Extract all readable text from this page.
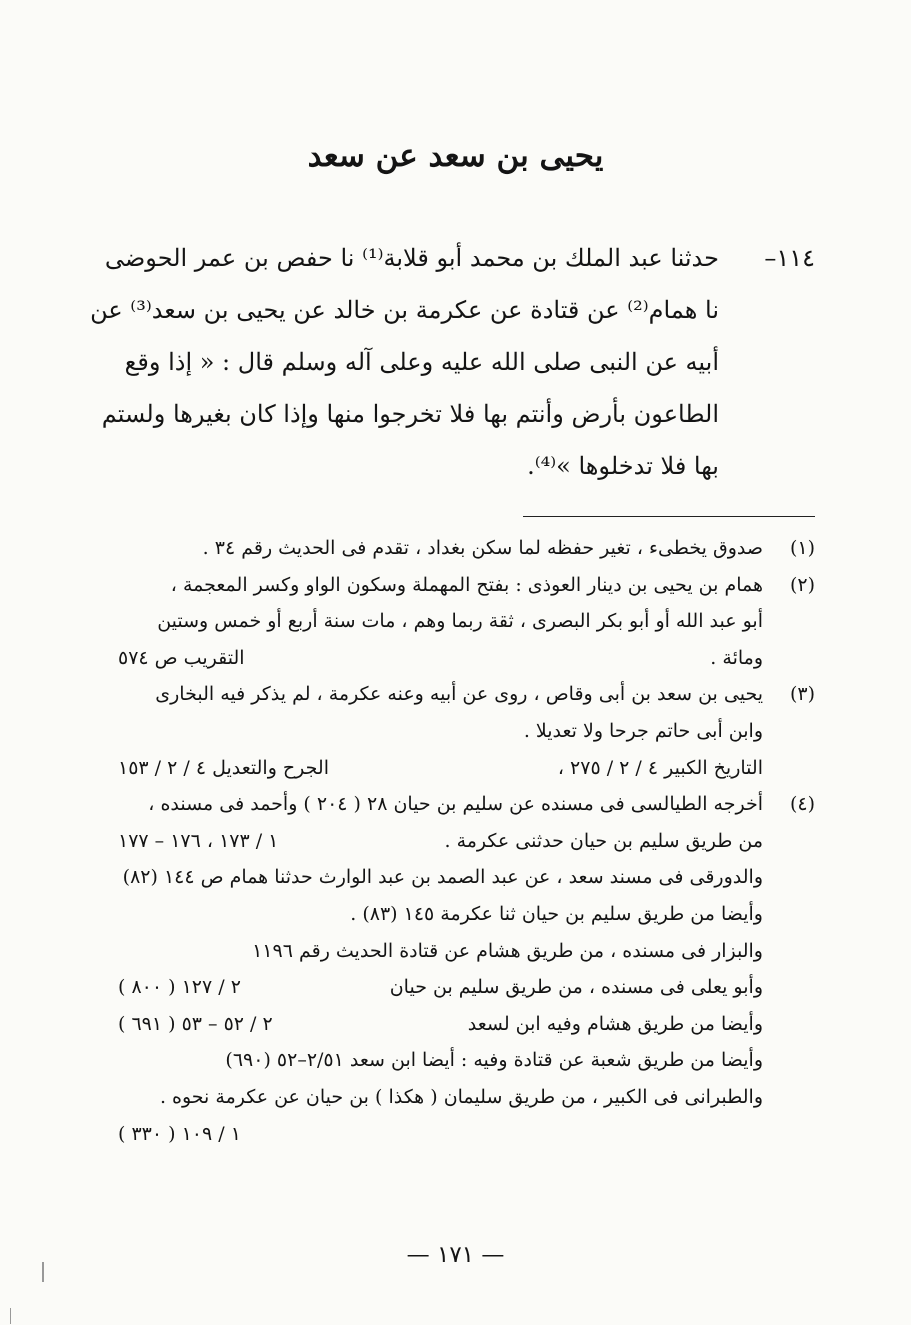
يحيى بن سعد عن سعد
١١٤–
حدثنا عبد الملك بن محمد أبو قلابة⁽¹⁾ نا حفص بن عمر الحوضى
نا همام⁽²⁾ عن قتادة عن عكرمة بن خالد عن يحيى بن سعد⁽³⁾ عن
أبيه عن النبى صلى الله عليه وعلى آله وسلم قال : « إذا وقع
الطاعون بأرض وأنتم بها فلا تخرجوا منها وإذا كان بغيرها ولستم
بها فلا تدخلوها »⁽⁴⁾.
(١)
صدوق يخطىء ، تغير حفظه لما سكن بغداد ، تقدم فى الحديث رقم ٣٤ .
(٢)
همام بن يحيى بن دينار العوذى : بفتح المهملة وسكون الواو وكسر المعجمة ،
أبو عبد الله أو أبو بكر البصرى ، ثقة ربما وهم ، مات سنة أربع أو خمس وستين
ومائة .
التقريب ص ٥٧٤
(٣)
يحيى بن سعد بن أبى وقاص ، روى عن أبيه وعنه عكرمة ، لم يذكر فيه البخارى
وابن أبى حاتم جرحا ولا تعديلا .
التاريخ الكبير ٤ / ٢ / ٢٧٥ ،
الجرح والتعديل ٤ / ٢ / ١٥٣
(٤)
أخرجه الطيالسى فى مسنده عن سليم بن حيان ٢٨ ( ٢٠٤ ) وأحمد فى مسنده ،
من طريق سليم بن حيان حدثنى عكرمة .
١ / ١٧٣ ، ١٧٦ – ١٧٧
والدورقى فى مسند سعد ، عن عبد الصمد بن عبد الوارث حدثنا همام ص ١٤٤ (٨٢)
وأيضا من طريق سليم بن حيان ثنا عكرمة ١٤٥ (٨٣) .
والبزار فى مسنده ، من طريق هشام عن قتادة الحديث رقم ١١٩٦
وأبو يعلى فى مسنده ، من طريق سليم بن حيان
٢ / ١٢٧ ( ٨٠٠ )
وأيضا من طريق هشام وفيه ابن لسعد
٢ / ٥٢ – ٥٣ ( ٦٩١ )
وأيضا من طريق شعبة عن قتادة وفيه : أيضا ابن سعد ٢/٥١–٥٢ (٦٩٠)
والطبرانى فى الكبير ، من طريق سليمان ( هكذا ) بن حيان عن عكرمة نحوه .
١ / ١٠٩ ( ٣٣٠ )
— ١٧١ —
